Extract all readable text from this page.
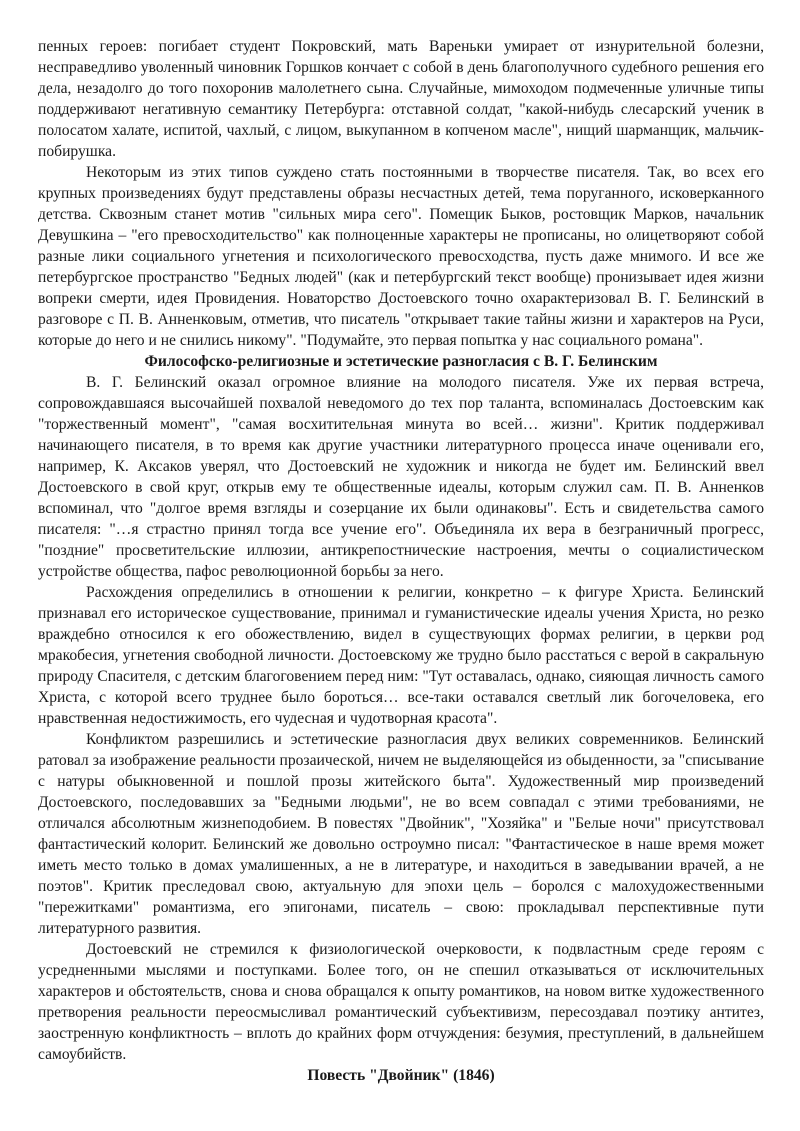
пенных героев: погибает студент Покровский, мать Вареньки умирает от изнурительной болезни, несправедливо уволенный чиновник Горшков кончает с собой в день благополучного судебного решения его дела, незадолго до того похоронив малолетнего сына. Случайные, мимоходом подмеченные уличные типы поддерживают негативную семантику Петербурга: отставной солдат, "какой-нибудь слесарский ученик в полосатом халате, испитой, чахлый, с лицом, выкупанном в копченом масле", нищий шарманщик, мальчик-побирушка.

Некоторым из этих типов суждено стать постоянными в творчестве писателя. Так, во всех его крупных произведениях будут представлены образы несчастных детей, тема поруганного, исковерканного детства. Сквозным станет мотив "сильных мира сего". Помещик Быков, ростовщик Марков, начальник Девушкина – "его превосходительство" как полноценные характеры не прописаны, но олицетворяют собой разные лики социального угнетения и психологического превосходства, пусть даже мнимого. И все же петербургское пространство "Бедных людей" (как и петербургский текст вообще) пронизывает идея жизни вопреки смерти, идея Провидения. Новаторство Достоевского точно охарактеризовал В. Г. Белинский в разговоре с П. В. Анненковым, отметив, что писатель "открывает такие тайны жизни и характеров на Руси, которые до него и не снились никому". "Подумайте, это первая попытка у нас социального романа".

Философско-религиозные и эстетические разногласия с В. Г. Белинским

В. Г. Белинский оказал огромное влияние на молодого писателя. Уже их первая встреча, сопровождавшаяся высочайшей похвалой неведомого до тех пор таланта, вспоминалась Достоевским как "торжественный момент", "самая восхитительная минута во всей… жизни". Критик поддерживал начинающего писателя, в то время как другие участники литературного процесса иначе оценивали его, например, К. Аксаков уверял, что Достоевский не художник и никогда не будет им. Белинский ввел Достоевского в свой круг, открыв ему те общественные идеалы, которым служил сам. П. В. Анненков вспоминал, что "долгое время взгляды и созерцание их были одинаковы". Есть и свидетельства самого писателя: "…я страстно принял тогда все учение его". Объединяла их вера в безграничный прогресс, "поздние" просветительские иллюзии, антикрепостнические настроения, мечты о социалистическом устройстве общества, пафос революционной борьбы за него.

Расхождения определились в отношении к религии, конкретно – к фигуре Христа. Белинский признавал его историческое существование, принимал и гуманистические идеалы учения Христа, но резко враждебно относился к его обожествлению, видел в существующих формах религии, в церкви род мракобесия, угнетения свободной личности. Достоевскому же трудно было расстаться с верой в сакральную природу Спасителя, с детским благоговением перед ним: "Тут оставалась, однако, сияющая личность самого Христа, с которой всего труднее было бороться… все-таки оставался светлый лик богочеловека, его нравственная недостижимость, его чудесная и чудотворная красота".

Конфликтом разрешились и эстетические разногласия двух великих современников. Белинский ратовал за изображение реальности прозаической, ничем не выделяющейся из обыденности, за "списывание с натуры обыкновенной и пошлой прозы житейского быта". Художественный мир произведений Достоевского, последовавших за "Бедными людьми", не во всем совпадал с этими требованиями, не отличался абсолютным жизнеподобием. В повестях "Двойник", "Хозяйка" и "Белые ночи" присутствовал фантастический колорит. Белинский же довольно остроумно писал: "Фантастическое в наше время может иметь место только в домах умалишенных, а не в литературе, и находиться в заведывании врачей, а не поэтов". Критик преследовал свою, актуальную для эпохи цель – боролся с малохудожественными "пережитками" романтизма, его эпигонами, писатель – свою: прокладывал перспективные пути литературного развития.

Достоевский не стремился к физиологической очерковости, к подвластным среде героям с усредненными мыслями и поступками. Более того, он не спешил отказываться от исключительных характеров и обстоятельств, снова и снова обращался к опыту романтиков, на новом витке художественного претворения реальности переосмысливал романтический субъективизм, пересоздавал поэтику антитез, заостренную конфликтность – вплоть до крайних форм отчуждения: безумия, преступлений, в дальнейшем самоубийств.

Повесть "Двойник" (1846)
